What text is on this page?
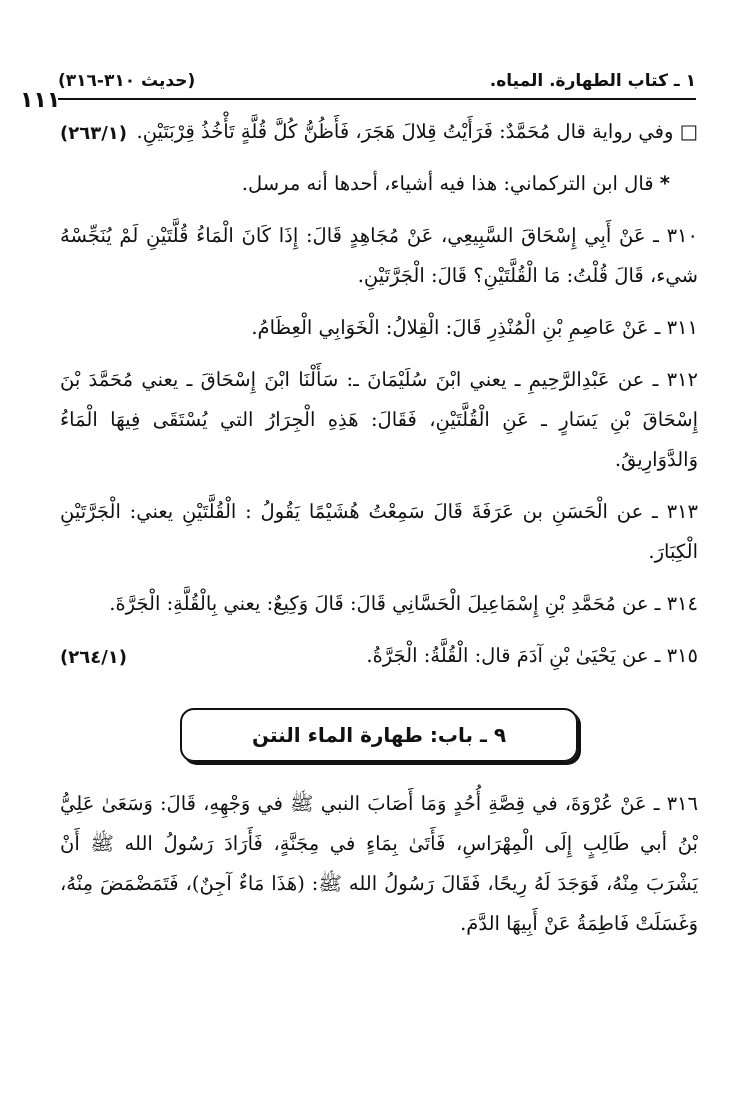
١ ـ كتاب الطهارة. المياه.
(حديث ٣١٠-٣١٦)
١١١

□ وفي رواية قال مُحَمَّدٌ: فَرَأَيْتُ قِلالَ هَجَرَ، فَأَظُنُّ كُلَّ قُلَّةٍ تَأْخُذُ قِرْبَتَيْنِ.
(٢٦٣/١)

* قال ابن التركماني: هذا فيه أشياء، أحدها أنه مرسل.

٣١٠ ـ عَنْ أَبِي إِسْحَاقَ السَّبِيعِي، عَنْ مُجَاهِدٍ قَالَ: إِذَا كَانَ الْمَاءُ قُلَّتَيْنِ لَمْ يُنَجِّسْهُ شيء، قَالَ قُلْتُ: مَا الْقُلَّتَيْنِ؟ قَالَ: الْجَرَّتَيْنِ.

٣١١ ـ عَنْ عَاصِمِ بْنِ الْمُنْذِرِ قَالَ: الْقِلالُ: الْخَوَابِي الْعِظَامُ.

٣١٢ ـ عن عَبْدِالرَّحِيمِ ـ يعني ابْنَ سُلَيْمَانَ ـ: سَأَلْنَا ابْنَ إِسْحَاقَ ـ يعني مُحَمَّدَ بْنَ إِسْحَاقَ بْنِ يَسَارٍ ـ عَنِ الْقُلَّتَيْنِ، فَقَالَ: هَذِهِ الْجِرَارُ التي يُسْتَقَى فِيهَا الْمَاءُ وَالدَّوَارِيقُ.

٣١٣ ـ عن الْحَسَنِ بن عَرَفَةَ قَالَ سَمِعْتُ هُشَيْمًا يَقُولُ : الْقُلَّتَيْنِ يعني: الْجَرَّتَيْنِ الْكِبَارَ.

٣١٤ ـ عن مُحَمَّدِ بْنِ إِسْمَاعِيلَ الْحَسَّانِي قَالَ: قَالَ وَكِيعٌ: يعني بِالْقُلَّةِ: الْجَرَّةَ.

٣١٥ ـ عن يَحْيَىٰ بْنِ آدَمَ قال: الْقُلَّةُ: الْجَرَّةُ.
(٢٦٤/١)

٩ ـ باب: طهارة الماء النتن

٣١٦ ـ عَنْ عُرْوَةَ، في قِصَّةِ أُحُدٍ وَمَا أَصَابَ النبي ﷺ في وَجْهِهِ، قَالَ: وَسَعَىٰ عَلِيُّ بْنُ أبي طَالِبٍ إِلَى الْمِهْرَاسِ، فَأَتَىٰ بِمَاءٍ في مِجَنَّةٍ، فَأَرَادَ رَسُولُ الله ﷺ أَنْ يَشْرَبَ مِنْهُ، فَوَجَدَ لَهُ رِيحًا، فَقَالَ رَسُولُ الله ﷺ: (هَذَا مَاءٌ آجِنٌ)، فَتَمَضْمَضَ مِنْهُ، وَغَسَلَتْ فَاطِمَةُ عَنْ أَبِيهَا الدَّمَ.
